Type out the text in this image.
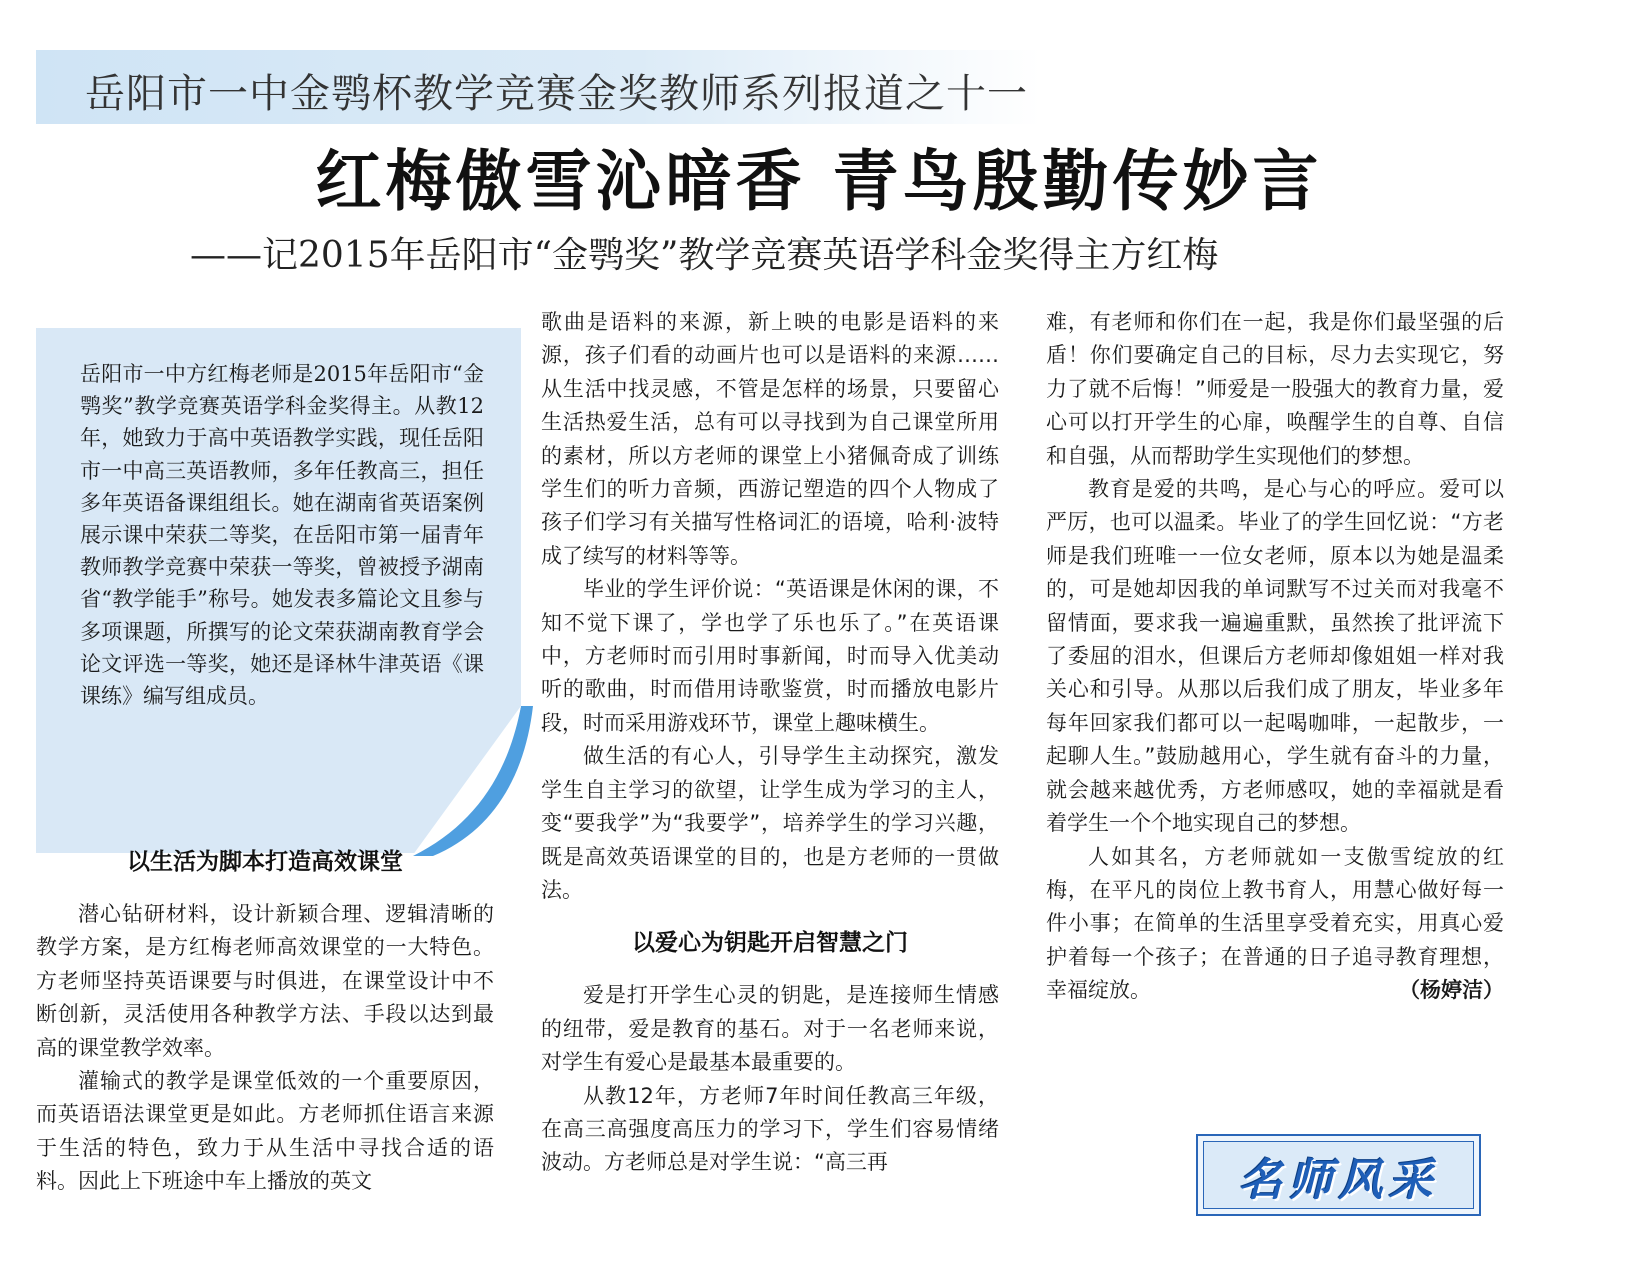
岳阳市一中金鹗杯教学竞赛金奖教师系列报道之十一
红梅傲雪沁暗香 青鸟殷勤传妙言
——记2015年岳阳市“金鹗奖”教学竞赛英语学科金奖得主方红梅
岳阳市一中方红梅老师是2015年岳阳市“金鹗奖”教学竞赛英语学科金奖得主。从教12年，她致力于高中英语教学实践，现任岳阳市一中高三英语教师，多年任教高三，担任多年英语备课组组长。她在湖南省英语案例展示课中荣获二等奖，在岳阳市第一届青年教师教学竞赛中荣获一等奖，曾被授予湖南省“教学能手”称号。她发表多篇论文且参与多项课题，所撰写的论文荣获湖南教育学会论文评选一等奖，她还是译林牛津英语《课课练》编写组成员。
以生活为脚本打造高效课堂

潜心钻研材料，设计新颖合理、逻辑清晰的教学方案，是方红梅老师高效课堂的一大特色。方老师坚持英语课要与时俱进，在课堂设计中不断创新，灵活使用各种教学方法、手段以达到最高的课堂教学效率。

灌输式的教学是课堂低效的一个重要原因，而英语语法课堂更是如此。方老师抓住语言来源于生活的特色，致力于从生活中寻找合适的语料。因此上下班途中车上播放的英文

歌曲是语料的来源，新上映的电影是语料的来源，孩子们看的动画片也可以是语料的来源……从生活中找灵感，不管是怎样的场景，只要留心生活热爱生活，总有可以寻找到为自己课堂所用的素材，所以方老师的课堂上小猪佩奇成了训练学生们的听力音频，西游记塑造的四个人物成了孩子们学习有关描写性格词汇的语境，哈利·波特成了续写的材料等等。

毕业的学生评价说：“英语课是休闲的课，不知不觉下课了，学也学了乐也乐了。”在英语课中，方老师时而引用时事新闻，时而导入优美动听的歌曲，时而借用诗歌鉴赏，时而播放电影片段，时而采用游戏环节，课堂上趣味横生。

做生活的有心人，引导学生主动探究，激发学生自主学习的欲望，让学生成为学习的主人，变“要我学”为“我要学”，培养学生的学习兴趣，既是高效英语课堂的目的，也是方老师的一贯做法。

以爱心为钥匙开启智慧之门

爱是打开学生心灵的钥匙，是连接师生情感的纽带，爱是教育的基石。对于一名老师来说，对学生有爱心是最基本最重要的。

从教12年，方老师7年时间任教高三年级，在高三高强度高压力的学习下，学生们容易情绪波动。方老师总是对学生说：“高三再

难，有老师和你们在一起，我是你们最坚强的后盾！你们要确定自己的目标，尽力去实现它，努力了就不后悔！”师爱是一股强大的教育力量，爱心可以打开学生的心扉，唤醒学生的自尊、自信和自强，从而帮助学生实现他们的梦想。

教育是爱的共鸣，是心与心的呼应。爱可以严厉，也可以温柔。毕业了的学生回忆说：“方老师是我们班唯一一位女老师，原本以为她是温柔的，可是她却因我的单词默写不过关而对我毫不留情面，要求我一遍遍重默，虽然挨了批评流下了委屈的泪水，但课后方老师却像姐姐一样对我关心和引导。从那以后我们成了朋友，毕业多年每年回家我们都可以一起喝咖啡，一起散步，一起聊人生。”鼓励越用心，学生就有奋斗的力量，就会越来越优秀，方老师感叹，她的幸福就是看着学生一个个地实现自己的梦想。

人如其名，方老师就如一支傲雪绽放的红梅，在平凡的岗位上教书育人，用慧心做好每一件小事；在简单的生活里享受着充实，用真心爱护着每一个孩子；在普通的日子追寻教育理想，幸福绽放。	（杨婷洁）

名师风采
